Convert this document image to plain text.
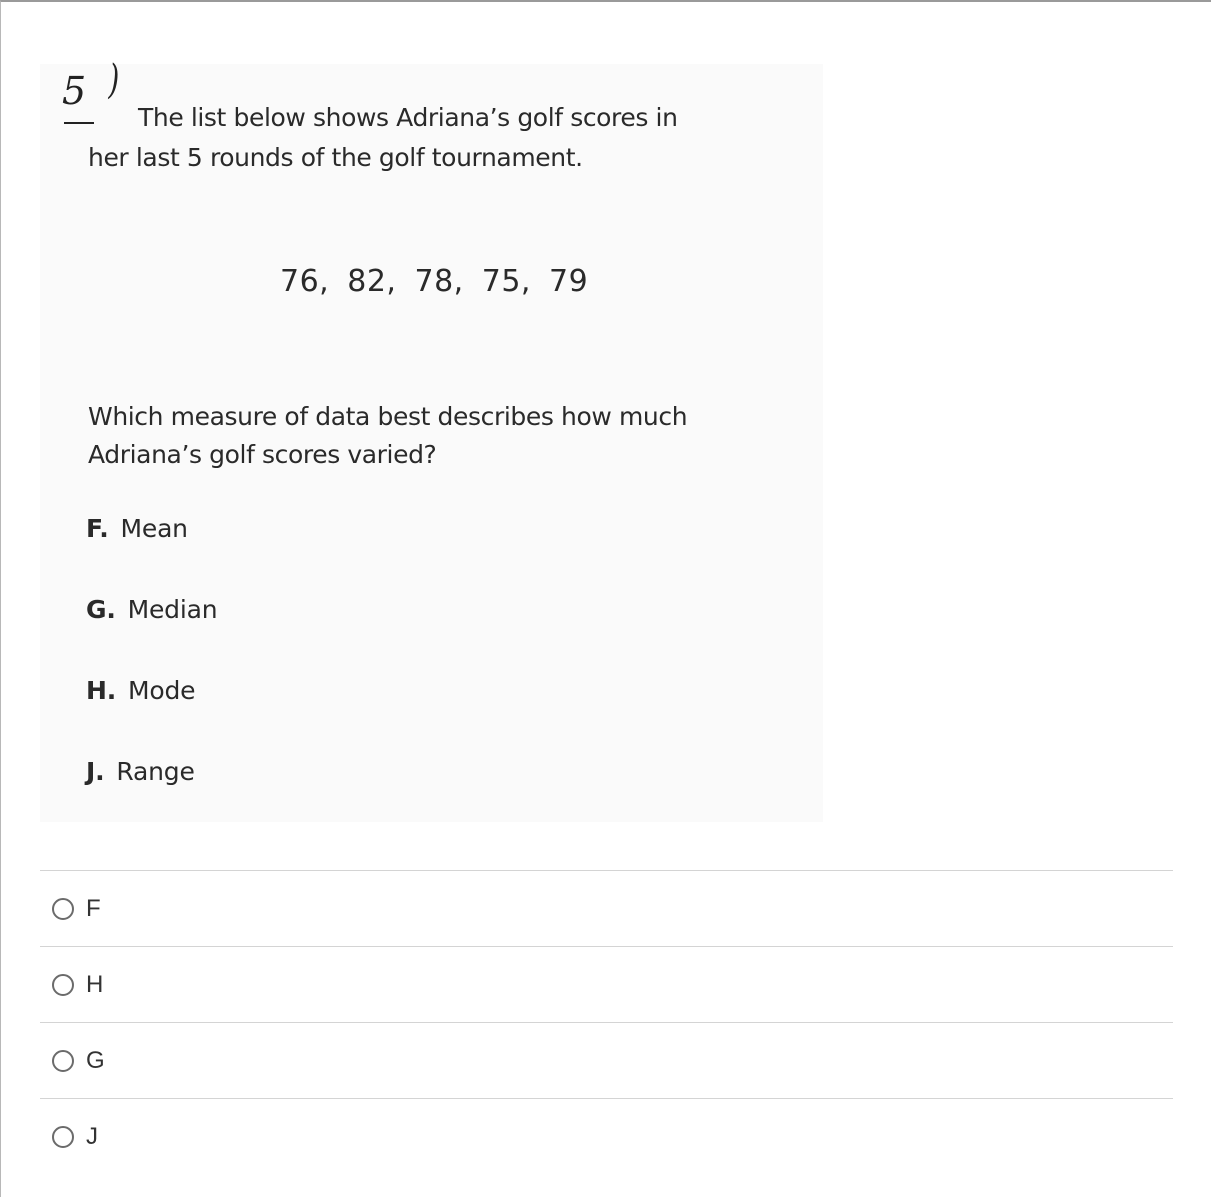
5 )
The list below shows Adriana’s golf scores in
her last 5 rounds of the golf tournament.
76, 82, 78, 75, 79
Which measure of data best describes how much
Adriana’s golf scores varied?
F. Mean
G. Median
H. Mode
J. Range
F
H
G
J
